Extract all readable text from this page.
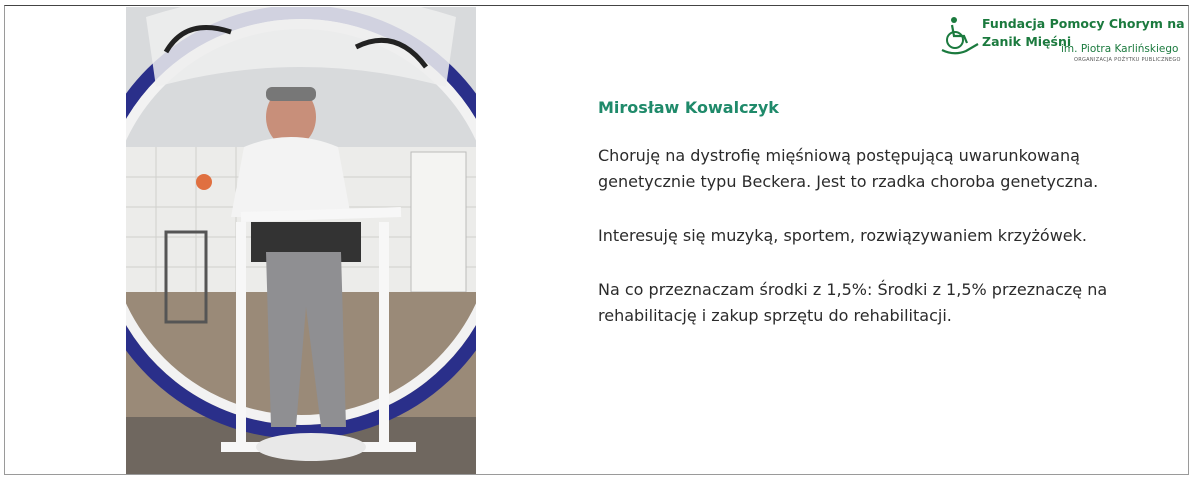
Fundacja Pomocy Chorym na
Zanik Mięśni
im. Piotra Karlińskiego
ORGANIZACJA POŻYTKU PUBLICZNEGO
Mirosław Kowalczyk

Choruję na dystrofię mięśniową postępującą uwarunkowaną genetycznie typu Beckera. Jest to rzadka choroba genetyczna.

Interesuję się muzyką, sportem, rozwiązywaniem krzyżówek.

Na co przeznaczam środki z 1,5%: Środki z 1,5% przeznaczę na rehabilitację i zakup sprzętu do rehabilitacji.
